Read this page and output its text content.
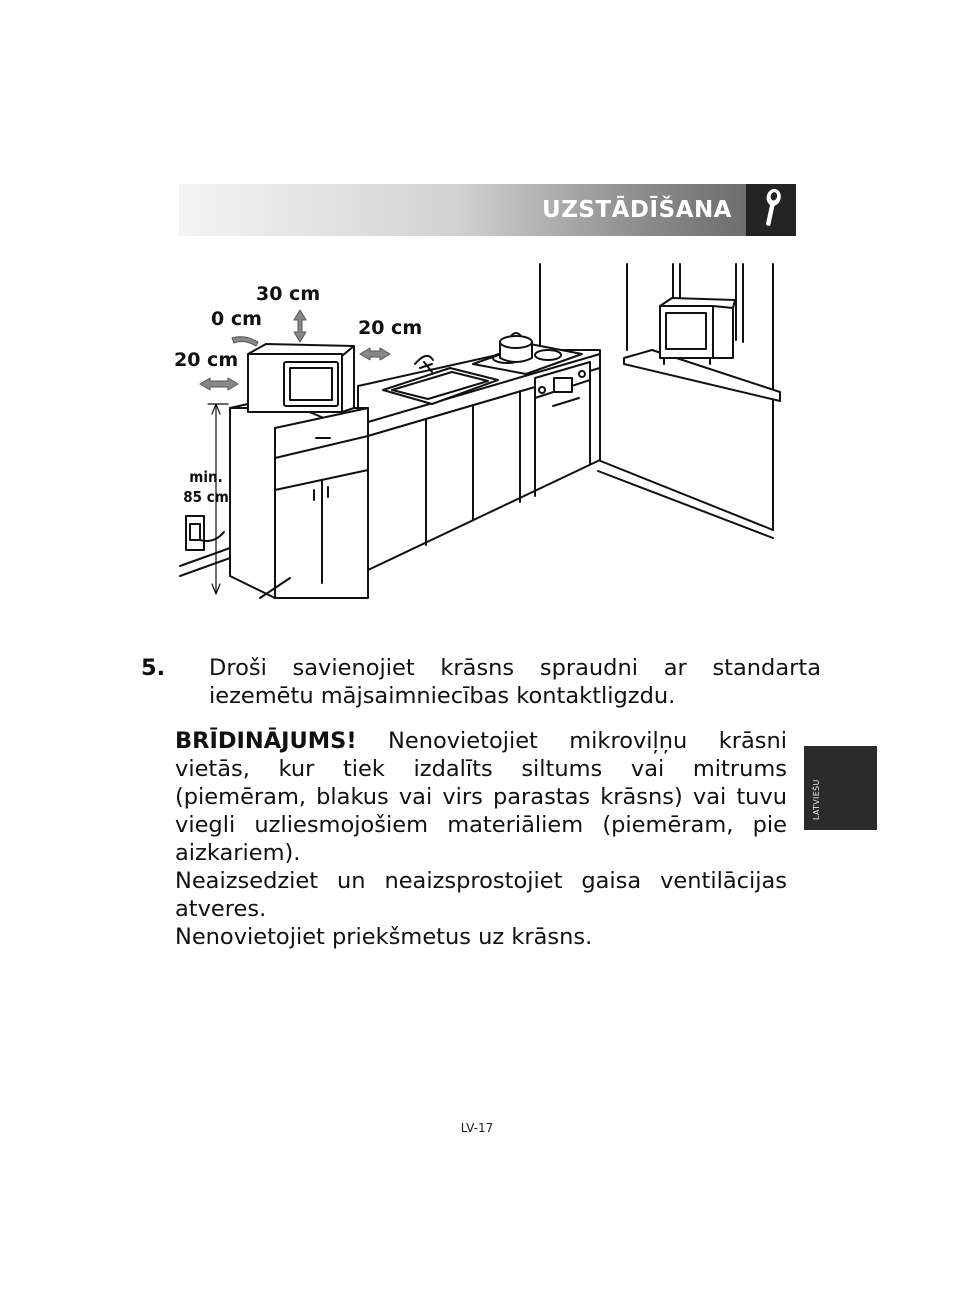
UZSTĀDĪŠANA
30 cm
0 cm	20 cm
20 cm
min.
85 cm
5. Droši savienojiet krāsns spraudni ar standarta iezemētu mājsaimniecības kontaktligzdu.
BRĪDINĀJUMS! Nenovietojiet mikroviļņu krāsni vietās, kur tiek izdalīts siltums vai mitrums (piemēram, blakus vai virs parastas krāsns) vai tuvu viegli uzliesmojošiem materiāliem (piemēram, pie aizkariem).
Neaizsedziet un neaizsprostojiet gaisa ventilācijas atveres.
Nenovietojiet priekšmetus uz krāsns.
LATVIEŠU
LV-17
